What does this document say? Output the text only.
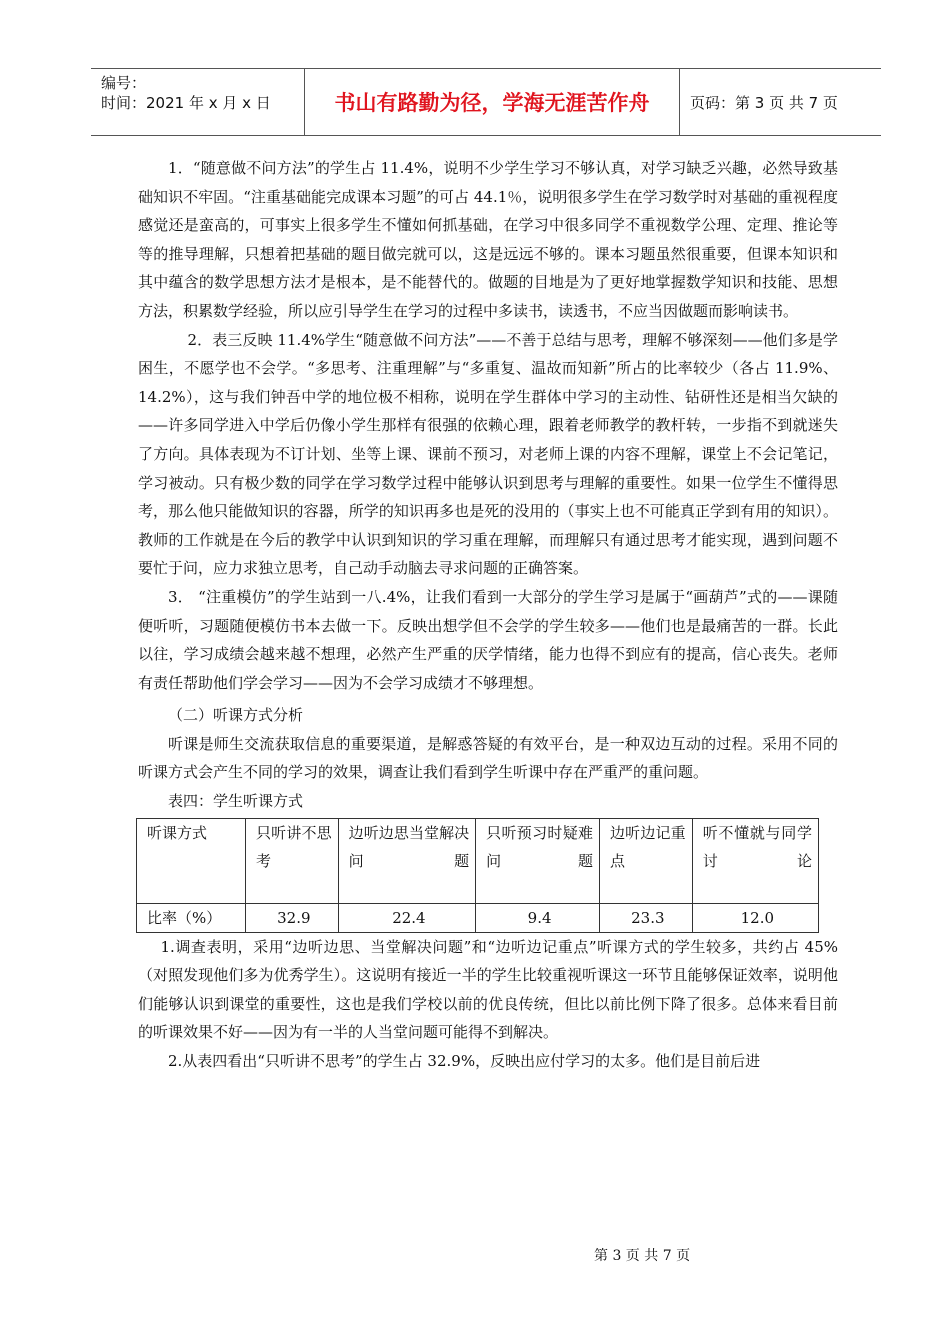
编号：
时间：2021 年 x 月 x 日	书山有路勤为径，学海无涯苦作舟	页码：第 3 页 共 7 页

1．“随意做不问方法”的学生占 11.4%，说明不少学生学习不够认真，对学习缺乏兴趣，必然导致基础知识不牢固。“注重基础能完成课本习题”的可占 44.1％，说明很多学生在学习数学时对基础的重视程度感觉还是蛮高的，可事实上很多学生不懂如何抓基础，在学习中很多同学不重视数学公理、定理、推论等等的推导理解，只想着把基础的题目做完就可以，这是远远不够的。课本习题虽然很重要，但课本知识和其中蕴含的数学思想方法才是根本，是不能替代的。做题的目地是为了更好地掌握数学知识和技能、思想方法，积累数学经验，所以应引导学生在学习的过程中多读书，读透书，不应当因做题而影响读书。

2．表三反映 11.4%学生“随意做不问方法”——不善于总结与思考，理解不够深刻——他们多是学困生，不愿学也不会学。“多思考、注重理解”与“多重复、温故而知新”所占的比率较少（各占 11.9%、14.2%），这与我们钟吾中学的地位极不相称，说明在学生群体中学习的主动性、钻研性还是相当欠缺的——许多同学进入中学后仍像小学生那样有很强的依赖心理，跟着老师教学的教杆转，一步指不到就迷失了方向。具体表现为不订计划、坐等上课、课前不预习，对老师上课的内容不理解，课堂上不会记笔记，学习被动。只有极少数的同学在学习数学过程中能够认识到思考与理解的重要性。如果一位学生不懂得思考，那么他只能做知识的容器，所学的知识再多也是死的没用的（事实上也不可能真正学到有用的知识）。教师的工作就是在今后的教学中认识到知识的学习重在理解，而理解只有通过思考才能实现，遇到问题不要忙于问，应力求独立思考，自己动手动脑去寻求问题的正确答案。

3． “注重模仿”的学生站到一八.4%，让我们看到一大部分的学生学习是属于“画葫芦”式的——课随便听听，习题随便模仿书本去做一下。反映出想学但不会学的学生较多——他们也是最痛苦的一群。长此以往，学习成绩会越来越不想理，必然产生严重的厌学情绪，能力也得不到应有的提高，信心丧失。老师有责任帮助他们学会学习——因为不会学习成绩才不够理想。

（二）听课方式分析

听课是师生交流获取信息的重要渠道，是解惑答疑的有效平台，是一种双边互动的过程。采用不同的听课方式会产生不同的学习的效果，调查让我们看到学生听课中存在严重严的重问题。

表四：学生听课方式

听课方式	只听讲不思考	边听边思当堂解决问题	只听预习时疑难问题	边听边记重点	听不懂就与同学讨论
比率（%）	32.9	22.4	9.4	23.3	12.0

1.调查表明，采用“边听边思、当堂解决问题”和“边听边记重点”听课方式的学生较多，共约占 45%（对照发现他们多为优秀学生）。这说明有接近一半的学生比较重视听课这一环节且能够保证效率，说明他们能够认识到课堂的重要性，这也是我们学校以前的优良传统，但比以前比例下降了很多。总体来看目前的听课效果不好——因为有一半的人当堂问题可能得不到解决。

2.从表四看出“只听讲不思考”的学生占 32.9%，反映出应付学习的太多。他们是目前后进

第 3 页 共 7 页
